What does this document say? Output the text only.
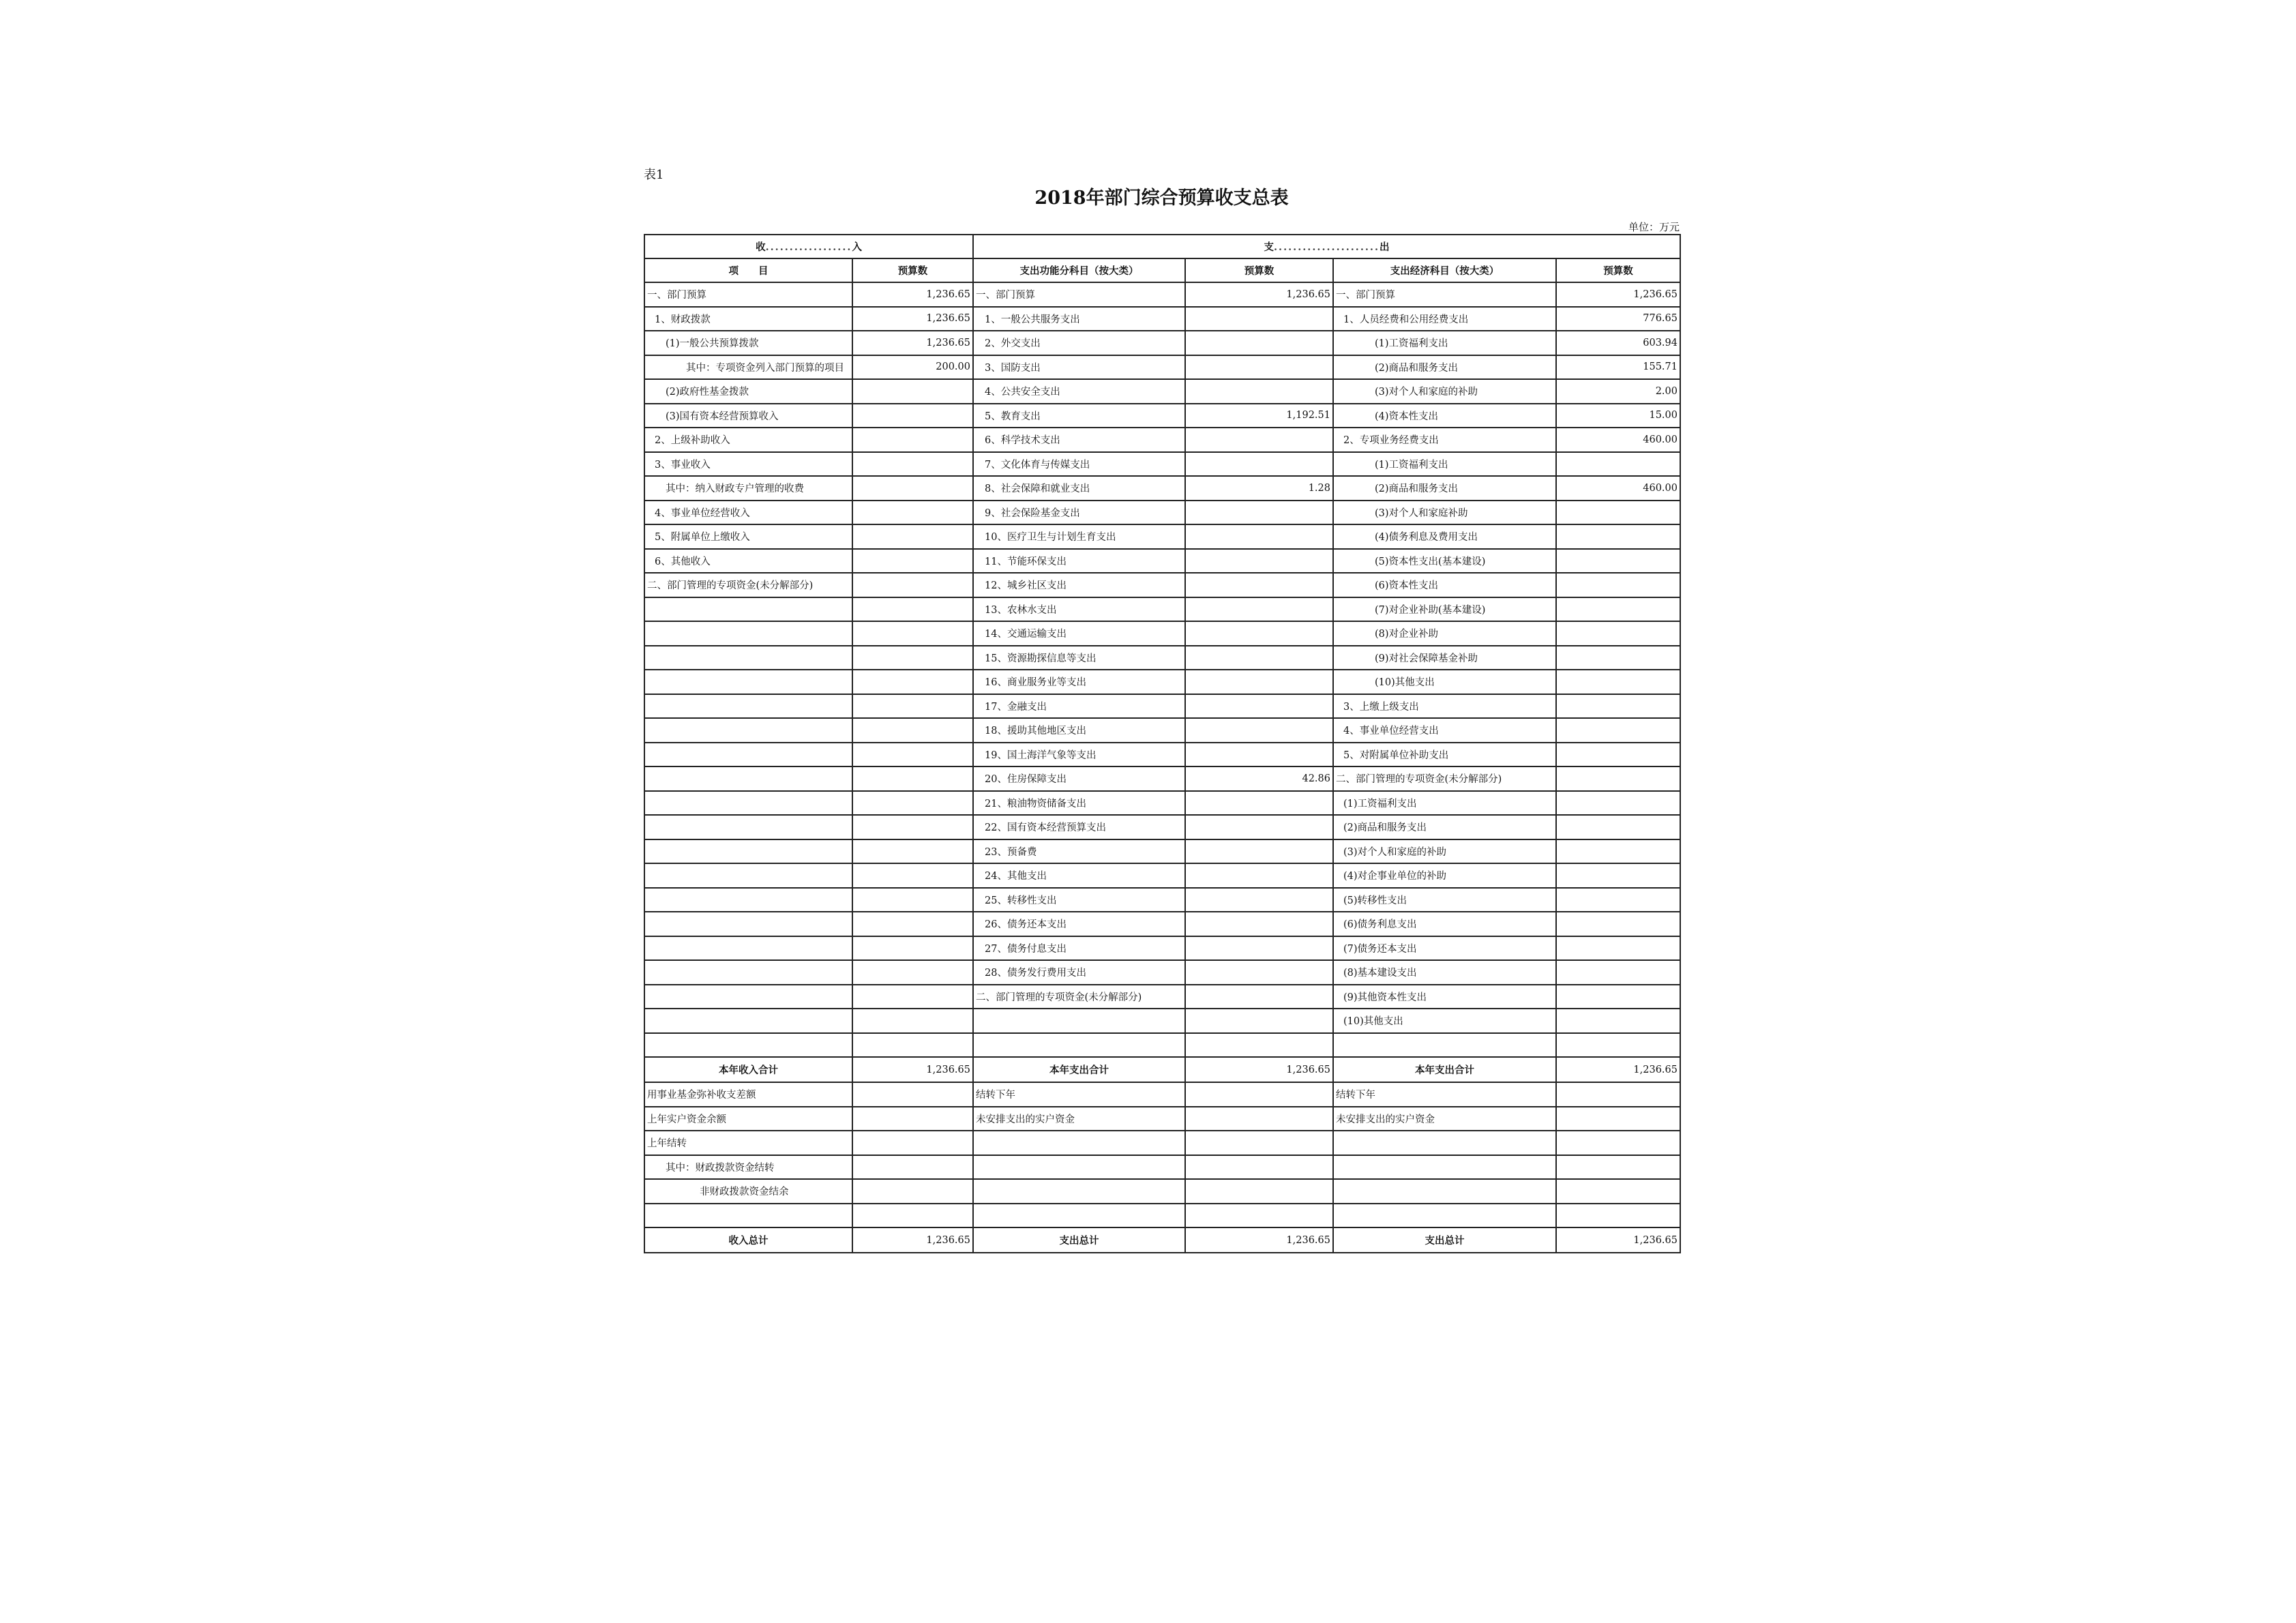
表1
2018年部门综合预算收支总表
单位：万元
收..................入		支......................出			
项　　目	预算数	支出功能分科目（按大类）	预算数	支出经济科目（按大类）	预算数
一、部门预算	1,236.65	一、部门预算	1,236.65	一、部门预算	1,236.65
1、财政拨款	1,236.65	1、一般公共服务支出		1、人员经费和公用经费支出	776.65
(1)一般公共预算拨款	1,236.65	2、外交支出		(1)工资福利支出	603.94
其中：专项资金列入部门预算的项目	200.00	3、国防支出		(2)商品和服务支出	155.71
(2)政府性基金拨款		4、公共安全支出		(3)对个人和家庭的补助	2.00
(3)国有资本经营预算收入		5、教育支出	1,192.51	(4)资本性支出	15.00
2、上级补助收入		6、科学技术支出		2、专项业务经费支出	460.00
3、事业收入		7、文化体育与传媒支出		(1)工资福利支出	
其中：纳入财政专户管理的收费		8、社会保障和就业支出	1.28	(2)商品和服务支出	460.00
4、事业单位经营收入		9、社会保险基金支出		(3)对个人和家庭补助	
5、附属单位上缴收入		10、医疗卫生与计划生育支出		(4)债务利息及费用支出	
6、其他收入		11、节能环保支出		(5)资本性支出(基本建设)	
二、部门管理的专项资金(未分解部分)		12、城乡社区支出		(6)资本性支出	
		13、农林水支出		(7)对企业补助(基本建设)	
		14、交通运输支出		(8)对企业补助	
		15、资源勘探信息等支出		(9)对社会保障基金补助	
		16、商业服务业等支出		(10)其他支出	
		17、金融支出		3、上缴上级支出	
		18、援助其他地区支出		4、事业单位经营支出	
		19、国土海洋气象等支出		5、对附属单位补助支出	
		20、住房保障支出	42.86	二、部门管理的专项资金(未分解部分)	
		21、粮油物资储备支出		(1)工资福利支出	
		22、国有资本经营预算支出		(2)商品和服务支出	
		23、预备费		(3)对个人和家庭的补助	
		24、其他支出		(4)对企事业单位的补助	
		25、转移性支出		(5)转移性支出	
		26、债务还本支出		(6)债务利息支出	
		27、债务付息支出		(7)债务还本支出	
		28、债务发行费用支出		(8)基本建设支出	
		二、部门管理的专项资金(未分解部分)		(9)其他资本性支出	
				(10)其他支出	

本年收入合计	1,236.65	本年支出合计	1,236.65	本年支出合计	1,236.65
用事业基金弥补收支差额		结转下年		结转下年	
上年实户资金余额		未安排支出的实户资金		未安排支出的实户资金	
上年结转					
其中：财政拨款资金结转					
非财政拨款资金结余					

收入总计	1,236.65	支出总计	1,236.65	支出总计	1,236.65
